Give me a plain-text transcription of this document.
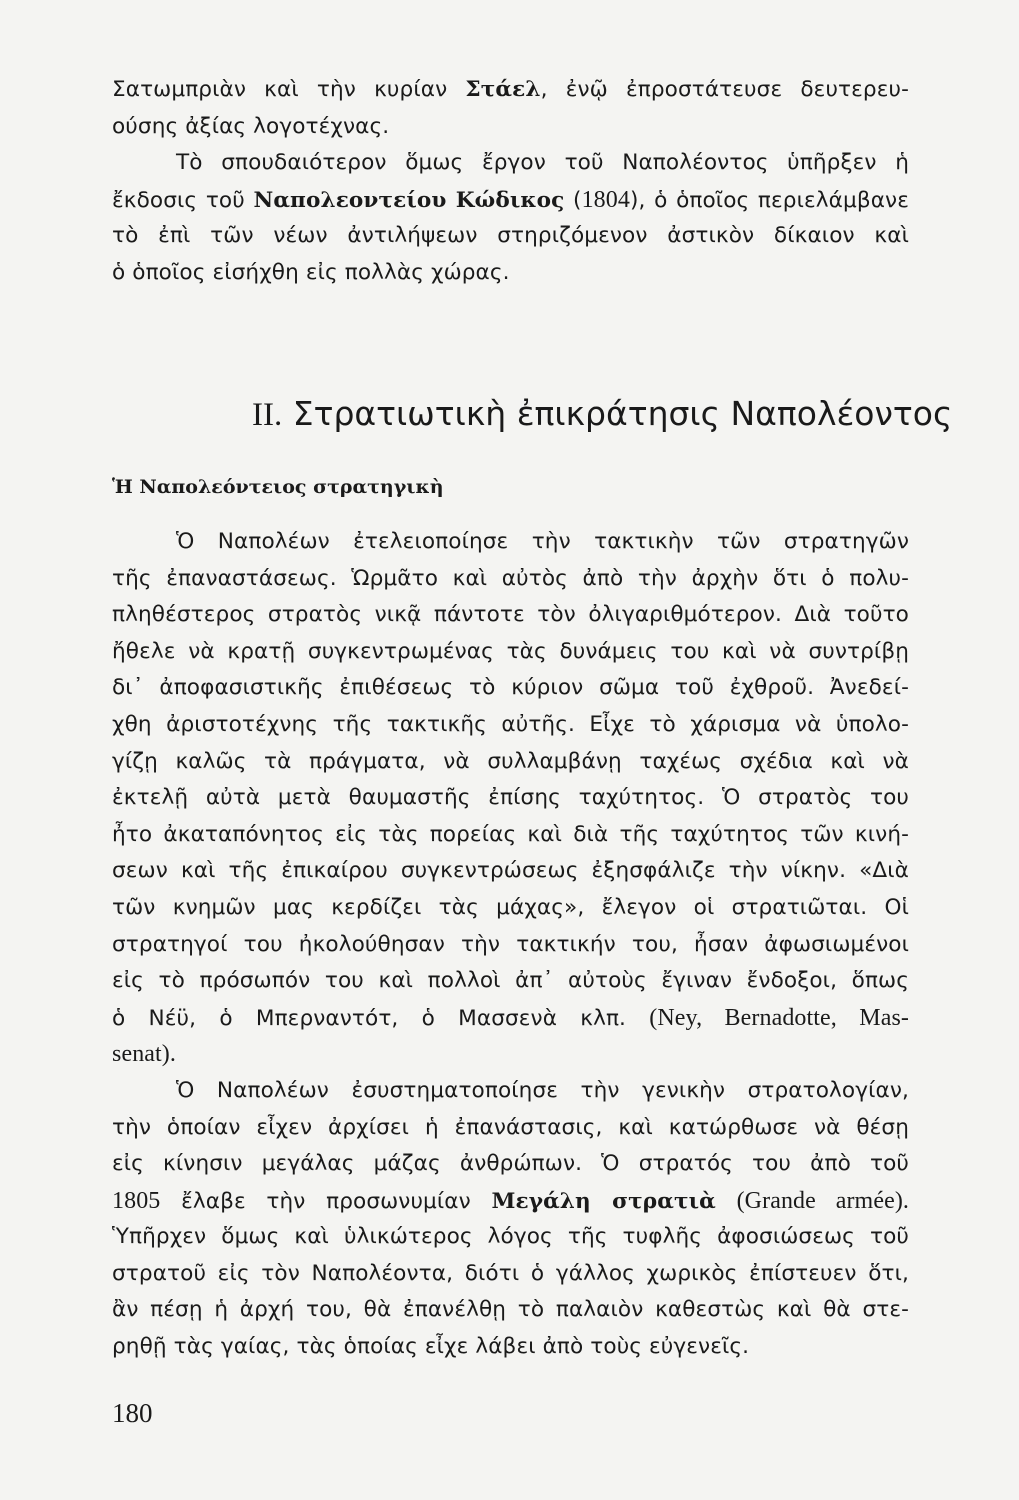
Σατωμπριὰν καὶ τὴν κυρίαν Στάελ, ἐνῷ ἐπροστάτευσε δευτερευ-
ούσης ἀξίας λογοτέχνας.
Τὸ σπουδαιότερον ὅμως ἔργον τοῦ Ναπολέοντος ὑπῆρξεν ἡ
ἔκδοσις τοῦ Ναπολεοντείου Κώδικος (1804), ὁ ὁποῖος περιελάμβανε
τὸ ἐπὶ τῶν νέων ἀντιλήψεων στηριζόμενον ἀστικὸν δίκαιον καὶ
ὁ ὁποῖος εἰσήχθη εἰς πολλὰς χώρας.
II. Στρατιωτικὴ ἐπικράτησις Ναπολέοντος
Ἡ Ναπολεόντειος στρατηγικὴ
Ὁ Ναπολέων ἐτελειοποίησε τὴν τακτικὴν τῶν στρατηγῶν
τῆς ἐπαναστάσεως. Ὡρμᾶτο καὶ αὐτὸς ἀπὸ τὴν ἀρχὴν ὅτι ὁ πολυ-
πληθέστερος στρατὸς νικᾷ πάντοτε τὸν ὀλιγαριθμότερον. Διὰ τοῦτο
ἤθελε νὰ κρατῇ συγκεντρωμένας τὰς δυνάμεις του καὶ νὰ συντρίβῃ
δι᾿ ἀποφασιστικῆς ἐπιθέσεως τὸ κύριον σῶμα τοῦ ἐχθροῦ. Ἀνεδεί-
χθη ἀριστοτέχνης τῆς τακτικῆς αὐτῆς. Εἶχε τὸ χάρισμα νὰ ὑπολο-
γίζῃ καλῶς τὰ πράγματα, νὰ συλλαμβάνῃ ταχέως σχέδια καὶ νὰ
ἐκτελῇ αὐτὰ μετὰ θαυμαστῆς ἐπίσης ταχύτητος. Ὁ στρατὸς του
ἦτο ἀκαταπόνητος εἰς τὰς πορείας καὶ διὰ τῆς ταχύτητος τῶν κινή-
σεων καὶ τῆς ἐπικαίρου συγκεντρώσεως ἐξησφάλιζε τὴν νίκην. «Διὰ
τῶν κνημῶν μας κερδίζει τὰς μάχας», ἔλεγον οἱ στρατιῶται. Οἱ
στρατηγοί του ἠκολούθησαν τὴν τακτικήν του, ἦσαν ἀφωσιωμένοι
εἰς τὸ πρόσωπόν του καὶ πολλοὶ ἀπ᾿ αὐτοὺς ἔγιναν ἔνδοξοι, ὅπως
ὁ Νέϋ, ὁ Μπερναντότ, ὁ Μασσενὰ κλπ. (Ney, Bernadotte, Mas-
senat).
Ὁ Ναπολέων ἐσυστηματοποίησε τὴν γενικὴν στρατολογίαν,
τὴν ὁποίαν εἶχεν ἀρχίσει ἡ ἐπανάστασις, καὶ κατώρθωσε νὰ θέσῃ
εἰς κίνησιν μεγάλας μάζας ἀνθρώπων. Ὁ στρατός του ἀπὸ τοῦ
1805 ἔλαβε τὴν προσωνυμίαν Μεγάλη στρατιὰ (Grande armée).
Ὑπῆρχεν ὅμως καὶ ὑλικώτερος λόγος τῆς τυφλῆς ἀφοσιώσεως τοῦ
στρατοῦ εἰς τὸν Ναπολέοντα, διότι ὁ γάλλος χωρικὸς ἐπίστευεν ὅτι,
ἂν πέσῃ ἡ ἀρχή του, θὰ ἐπανέλθῃ τὸ παλαιὸν καθεστὼς καὶ θὰ στε-
ρηθῇ τὰς γαίας, τὰς ὁποίας εἶχε λάβει ἀπὸ τοὺς εὐγενεῖς.
180
